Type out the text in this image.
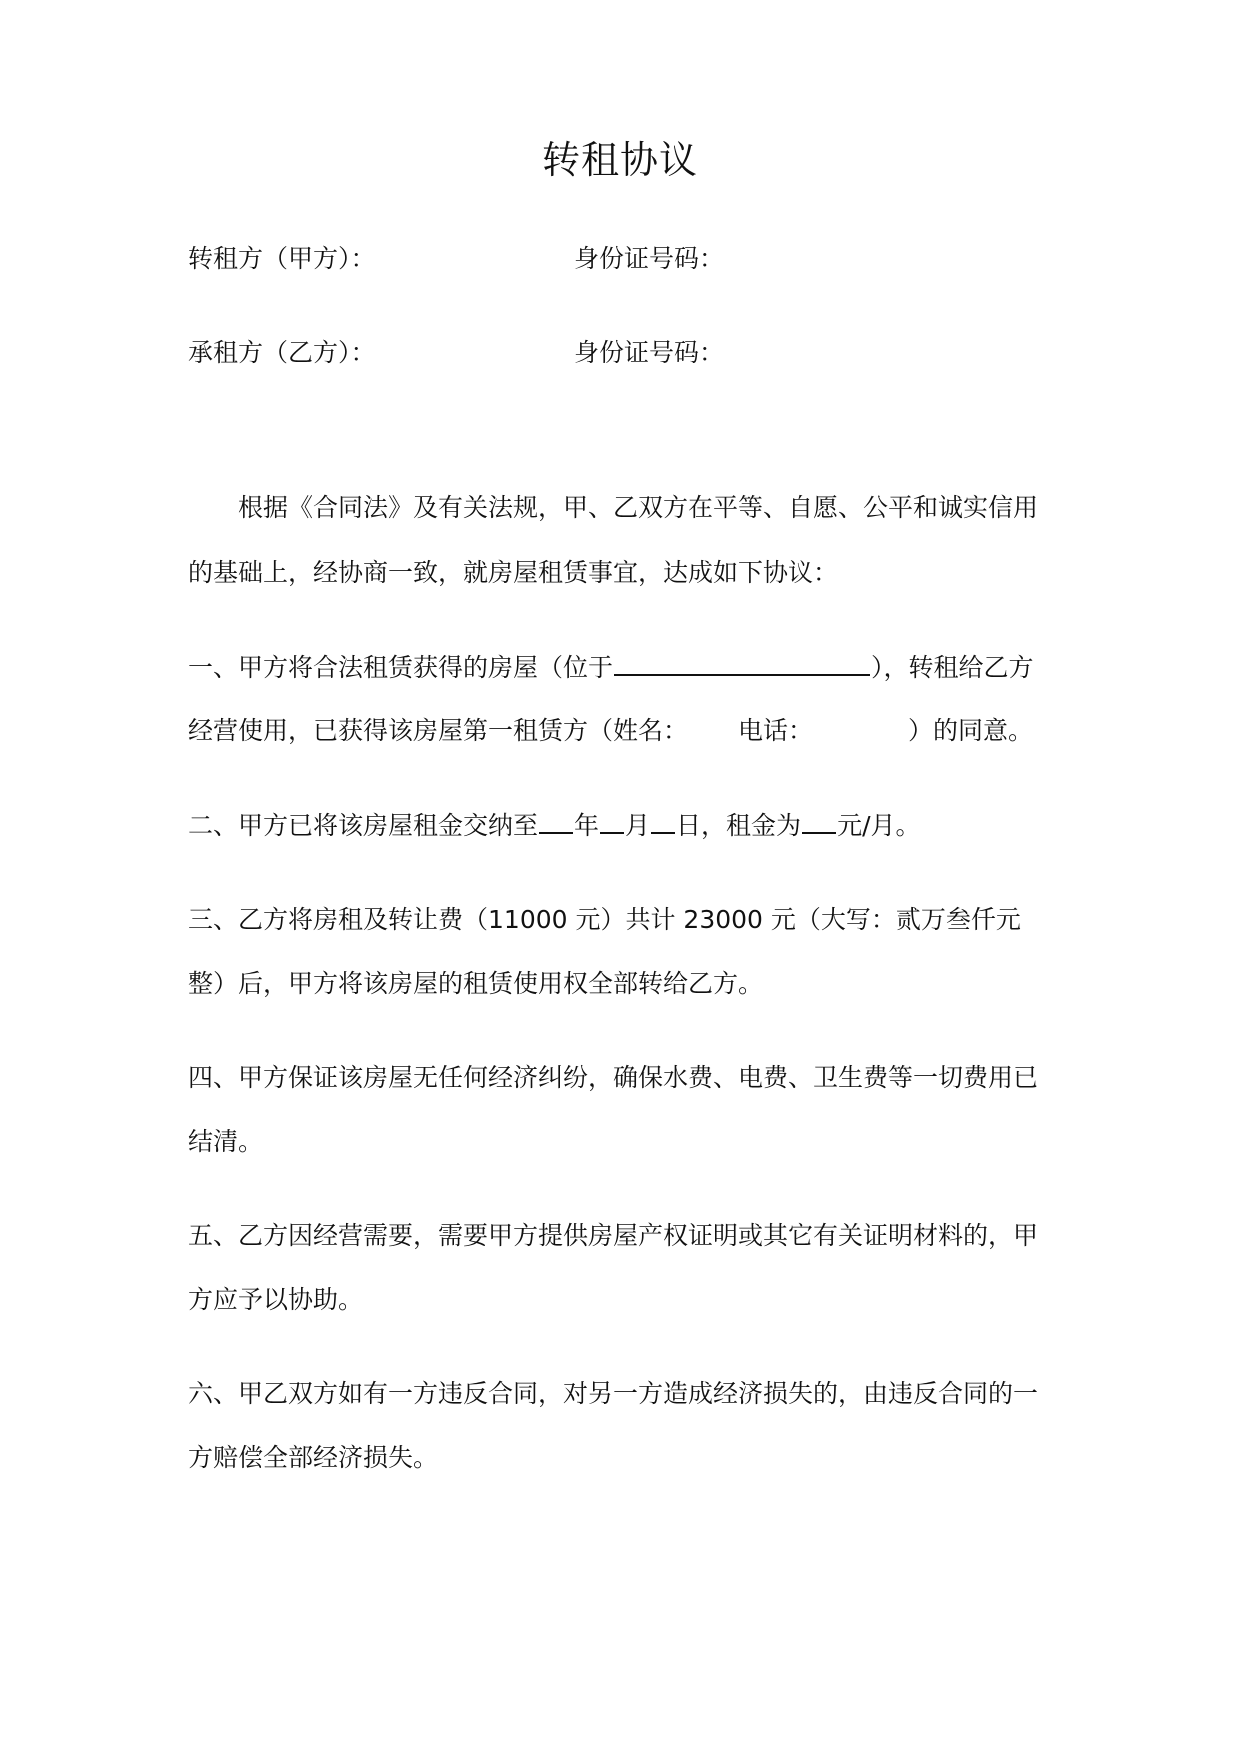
转租协议
转租方（甲方）：	身份证号码：
承租方（乙方）：	身份证号码：
根据《合同法》及有关法规，甲、乙双方在平等、自愿、公平和诚实信用
的基础上，经协商一致，就房屋租赁事宜，达成如下协议：
一、甲方将合法租赁获得的房屋（位于	），转租给乙方
经营使用，已获得该房屋第一租赁方（姓名： 电话：	）的同意。
二、甲方已将该房屋租金交纳至 年 月 日，租金为 元/月。
三、乙方将房租及转让费（11000 元）共计 23000 元（大写：贰万叁仟元
整）后，甲方将该房屋的租赁使用权全部转给乙方。
四、甲方保证该房屋无任何经济纠纷，确保水费、电费、卫生费等一切费用已
结清。
五、乙方因经营需要，需要甲方提供房屋产权证明或其它有关证明材料的，甲
方应予以协助。
六、甲乙双方如有一方违反合同，对另一方造成经济损失的，由违反合同的一
方赔偿全部经济损失。
